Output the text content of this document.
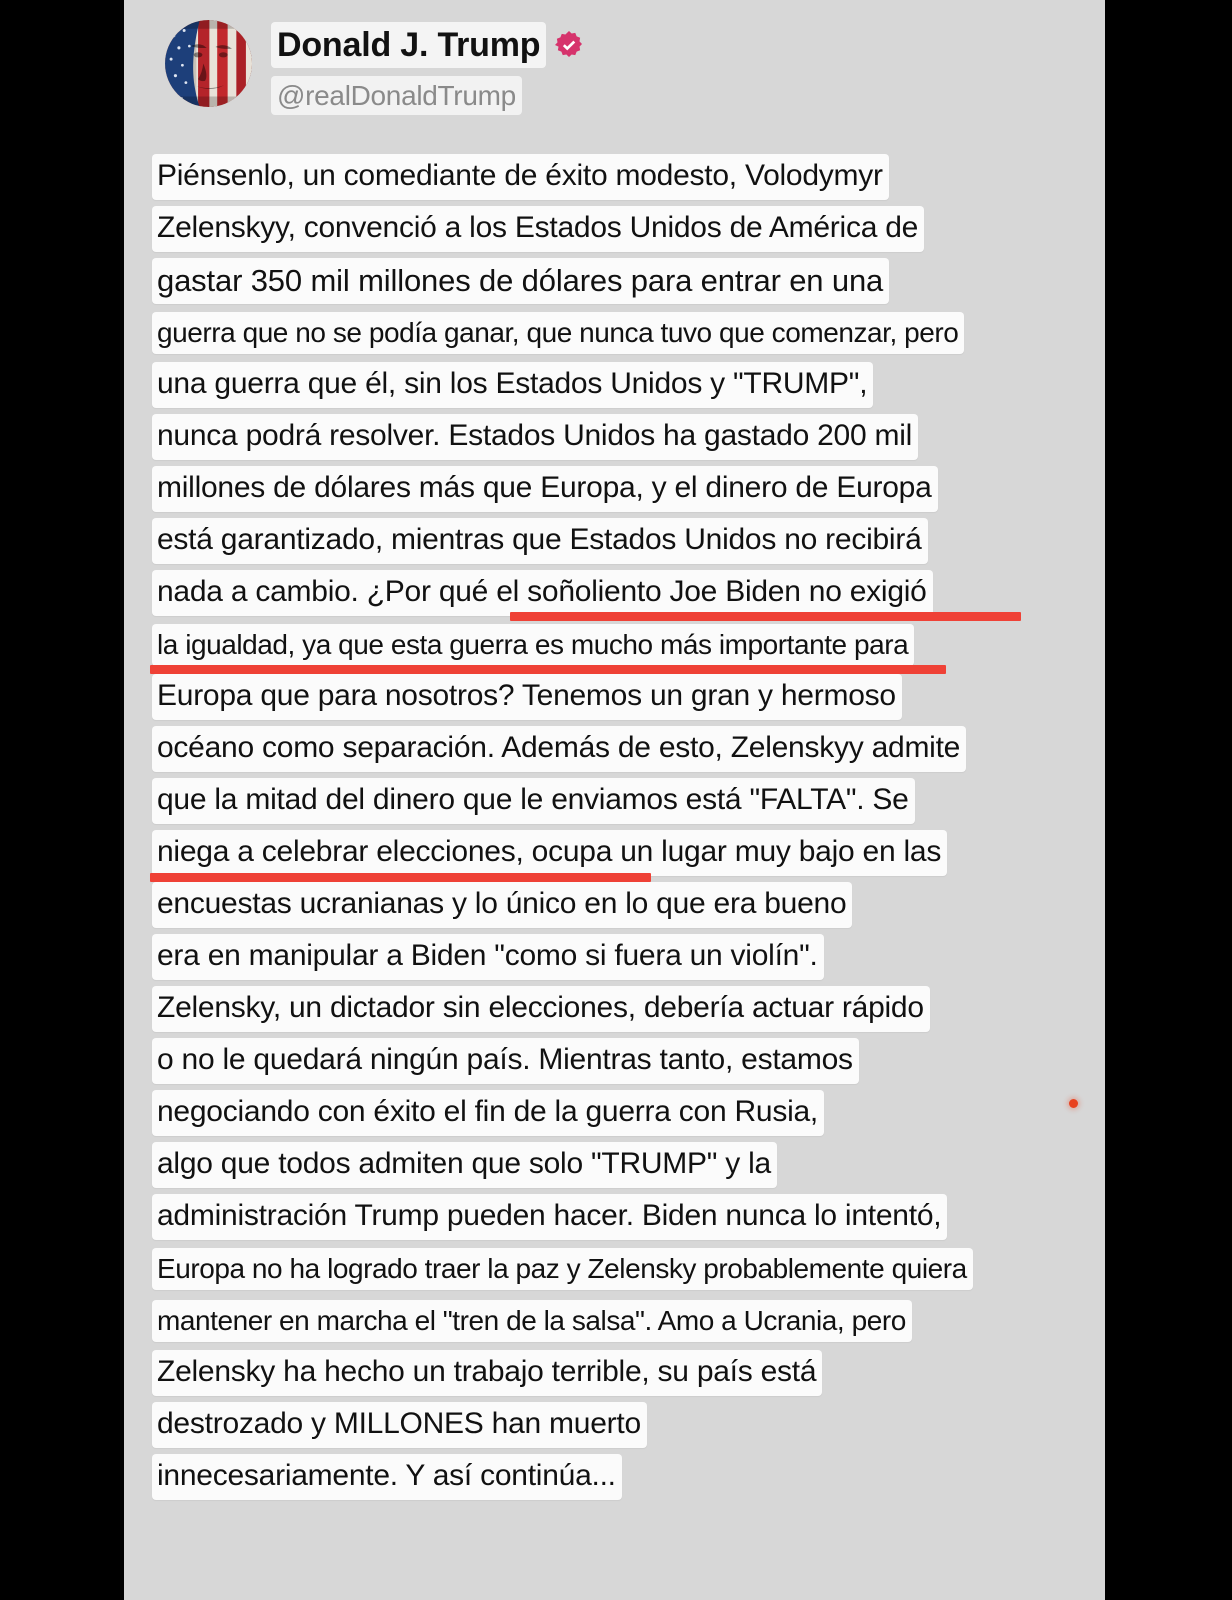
Donald J. Trump
@realDonaldTrump
Piénsenlo, un comediante de éxito modesto, Volodymyr
Zelenskyy, convenció a los Estados Unidos de América de
gastar 350 mil millones de dólares para entrar en una
guerra que no se podía ganar, que nunca tuvo que comenzar, pero
una guerra que él, sin los Estados Unidos y "TRUMP",
nunca podrá resolver. Estados Unidos ha gastado 200 mil
millones de dólares más que Europa, y el dinero de Europa
está garantizado, mientras que Estados Unidos no recibirá
nada a cambio. ¿Por qué el soñoliento Joe Biden no exigió
la igualdad, ya que esta guerra es mucho más importante para
Europa que para nosotros? Tenemos un gran y hermoso
océano como separación. Además de esto, Zelenskyy admite
que la mitad del dinero que le enviamos está "FALTA". Se
niega a celebrar elecciones, ocupa un lugar muy bajo en las
encuestas ucranianas y lo único en lo que era bueno
era en manipular a Biden "como si fuera un violín".
Zelensky, un dictador sin elecciones, debería actuar rápido
o no le quedará ningún país. Mientras tanto, estamos
negociando con éxito el fin de la guerra con Rusia,
algo que todos admiten que solo "TRUMP" y la
administración Trump pueden hacer. Biden nunca lo intentó,
Europa no ha logrado traer la paz y Zelensky probablemente quiera
mantener en marcha el "tren de la salsa". Amo a Ucrania, pero
Zelensky ha hecho un trabajo terrible, su país está
destrozado y MILLONES han muerto
innecesariamente. Y así continúa...
